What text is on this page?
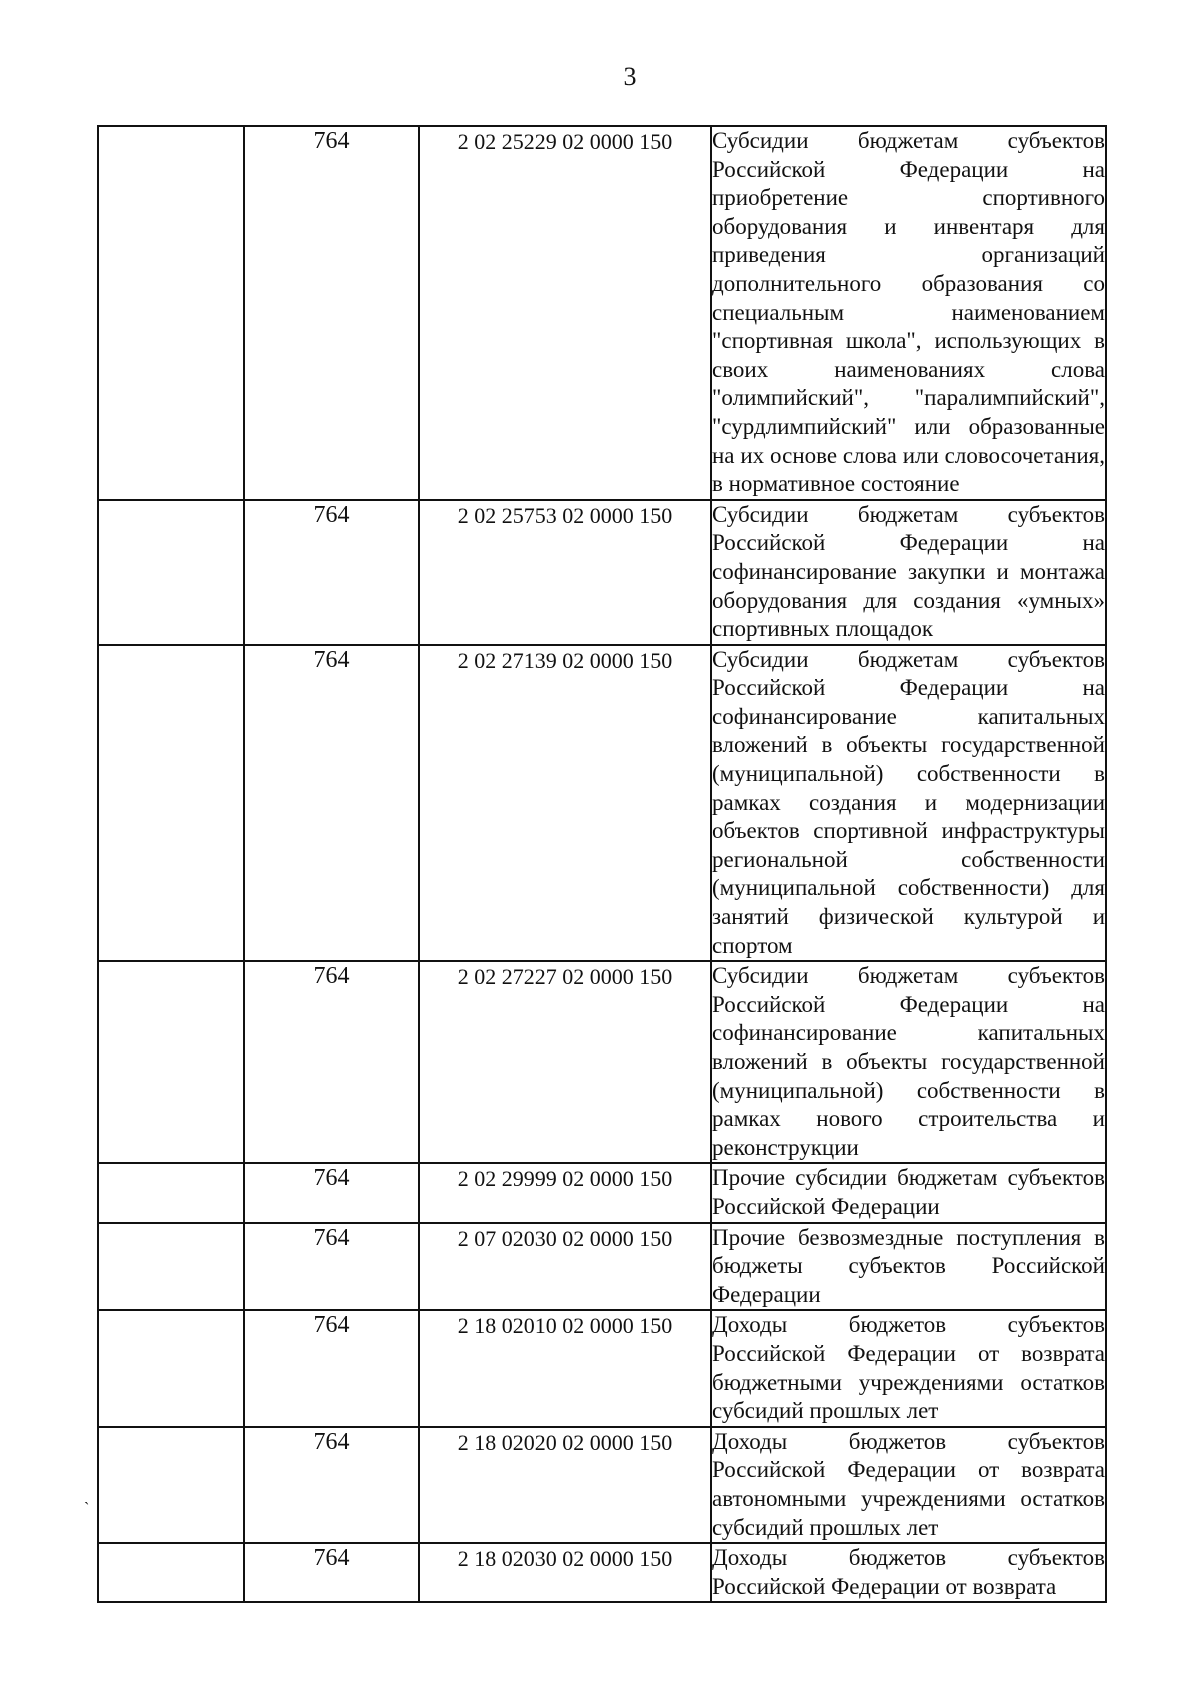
3
	764	2 02 25229 02 0000 150	Субсидии бюджетам субъектов Российской Федерации на приобретение спортивного оборудования и инвентаря для приведения организаций дополнительного образования со специальным наименованием "спортивная школа", использующих в своих наименованиях слова "олимпийский", "паралимпийский", "сурдлимпийский" или образованные на их основе слова или словосочетания, в нормативное состояние
	764	2 02 25753 02 0000 150	Субсидии бюджетам субъектов Российской Федерации на софинансирование закупки и монтажа оборудования для создания «умных» спортивных площадок
	764	2 02 27139 02 0000 150	Субсидии бюджетам субъектов Российской Федерации на софинансирование капитальных вложений в объекты государственной (муниципальной) собственности в рамках создания и модернизации объектов спортивной инфраструктуры региональной собственности (муниципальной собственности) для занятий физической культурой и спортом
	764	2 02 27227 02 0000 150	Субсидии бюджетам субъектов Российской Федерации на софинансирование капитальных вложений в объекты государственной (муниципальной) собственности в рамках нового строительства и реконструкции
	764	2 02 29999 02 0000 150	Прочие субсидии бюджетам субъектов Российской Федерации
	764	2 07 02030 02 0000 150	Прочие безвозмездные поступления в бюджеты субъектов Российской Федерации
	764	2 18 02010 02 0000 150	Доходы бюджетов субъектов Российской Федерации от возврата бюджетными учреждениями остатков субсидий прошлых лет
	764	2 18 02020 02 0000 150	Доходы бюджетов субъектов Российской Федерации от возврата автономными учреждениями остатков субсидий прошлых лет
	764	2 18 02030 02 0000 150	Доходы бюджетов субъектов Российской Федерации от возврата
`
